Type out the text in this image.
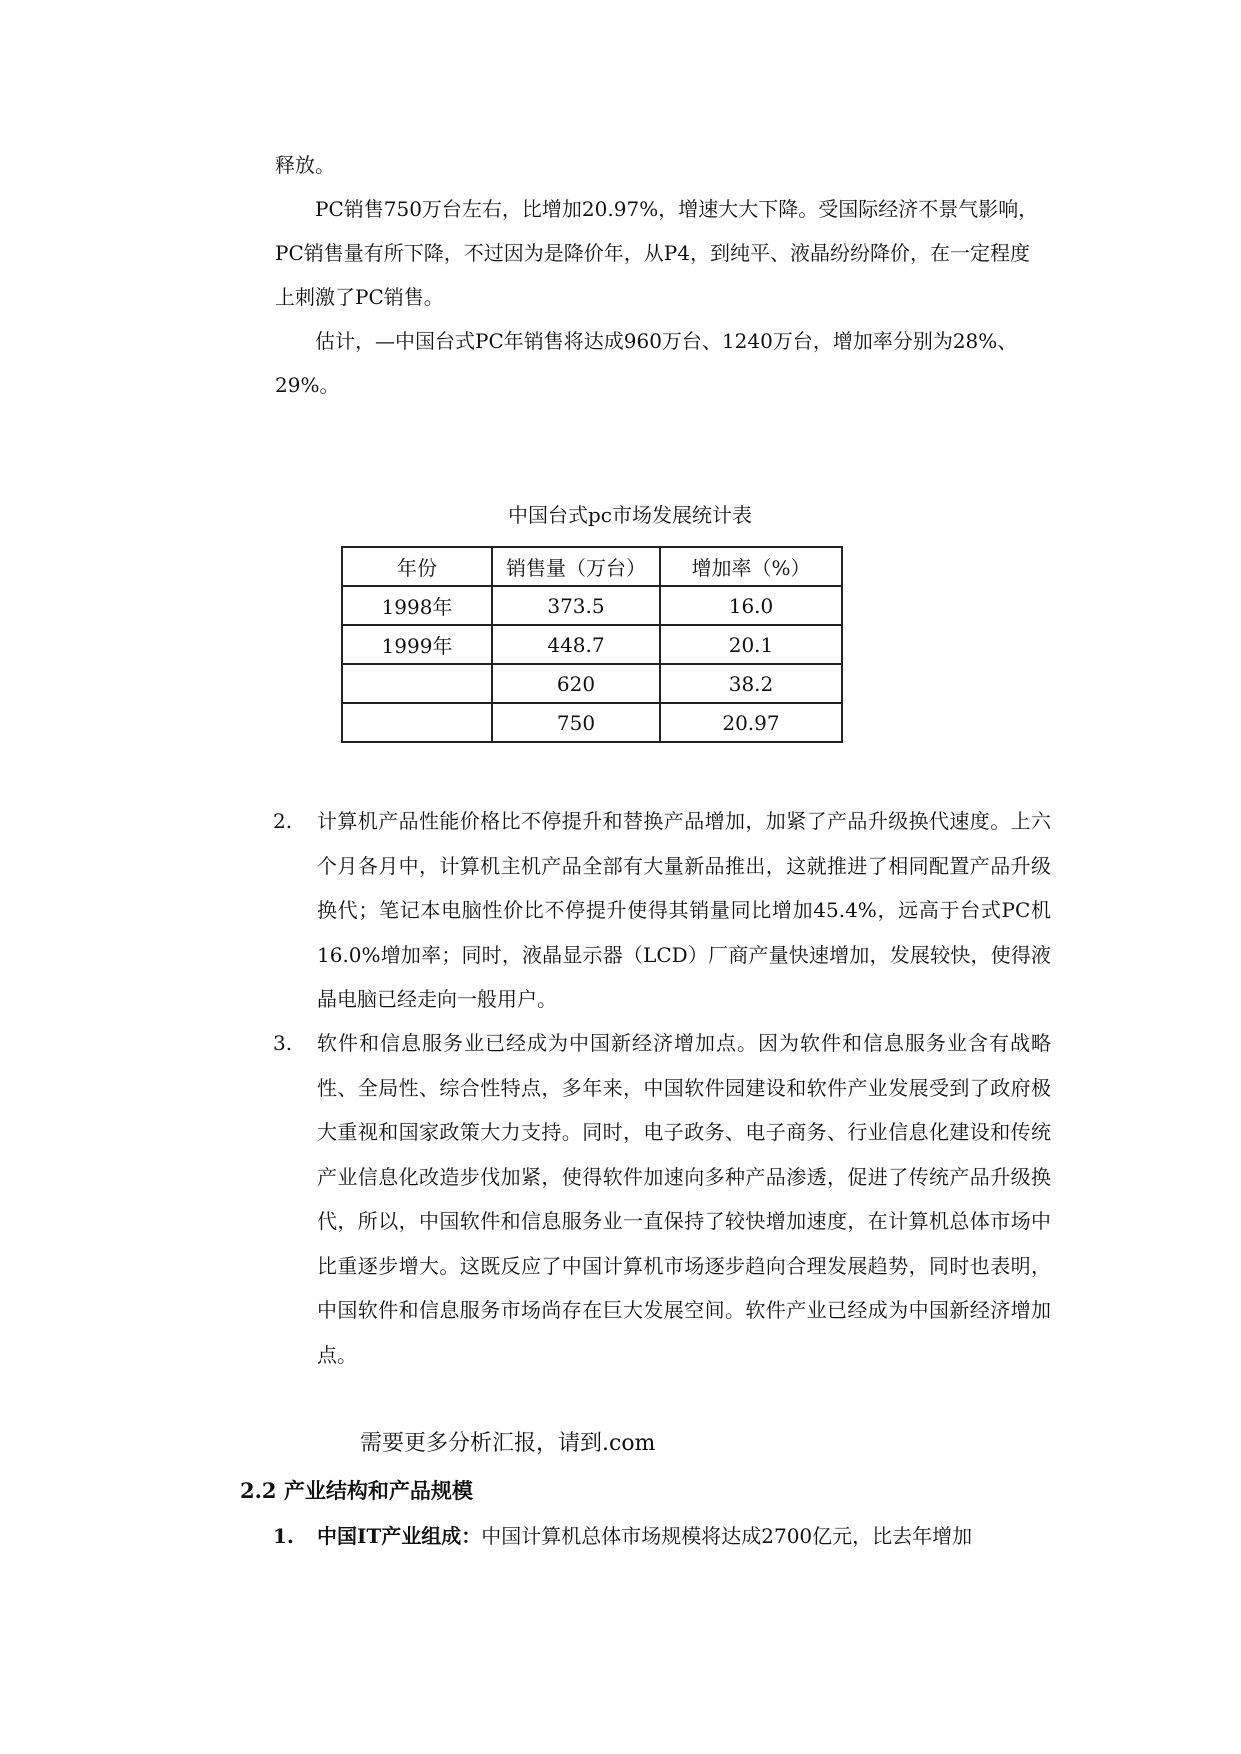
释放。

PC销售750万台左右，比增加20.97%，增速大大下降。受国际经济不景气影响，PC销售量有所下降，不过因为是降价年，从P4，到纯平、液晶纷纷降价，在一定程度上刺激了PC销售。

估计，—中国台式PC年销售将达成960万台、1240万台，增加率分别为28%、29%。

中国台式pc市场发展统计表
年份	销售量（万台）	增加率（%）
1998年	373.5	16.0
1999年	448.7	20.1
	620	38.2
	750	20.97
2.	计算机产品性能价格比不停提升和替换产品增加，加紧了产品升级换代速度。上六个月各月中，计算机主机产品全部有大量新品推出，这就推进了相同配置产品升级换代；笔记本电脑性价比不停提升使得其销量同比增加45.4%，远高于台式PC机16.0%增加率；同时，液晶显示器（LCD）厂商产量快速增加，发展较快，使得液晶电脑已经走向一般用户。
3.	软件和信息服务业已经成为中国新经济增加点。因为软件和信息服务业含有战略性、全局性、综合性特点，多年来，中国软件园建设和软件产业发展受到了政府极大重视和国家政策大力支持。同时，电子政务、电子商务、行业信息化建设和传统产业信息化改造步伐加紧，使得软件加速向多种产品渗透，促进了传统产品升级换代，所以，中国软件和信息服务业一直保持了较快增加速度，在计算机总体市场中比重逐步增大。这既反应了中国计算机市场逐步趋向合理发展趋势，同时也表明，中国软件和信息服务市场尚存在巨大发展空间。软件产业已经成为中国新经济增加点。
需要更多分析汇报，请到.com
2.2 产业结构和产品规模
1.	中国IT产业组成：中国计算机总体市场规模将达成2700亿元，比去年增加
